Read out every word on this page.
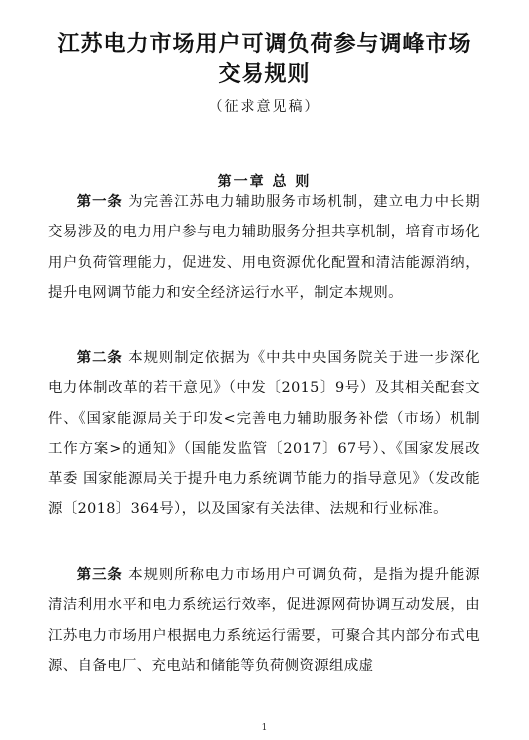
江苏电力市场用户可调负荷参与调峰市场
交易规则
（征求意见稿）
第一章 总 则

第一条 为完善江苏电力辅助服务市场机制，建立电力中长期交易涉及的电力用户参与电力辅助服务分担共享机制，培育市场化用户负荷管理能力，促进发、用电资源优化配置和清洁能源消纳，提升电网调节能力和安全经济运行水平，制定本规则。

第二条 本规则制定依据为《中共中央国务院关于进一步深化电力体制改革的若干意见》（中发〔2015〕9号）及其相关配套文件、《国家能源局关于印发<完善电力辅助服务补偿（市场）机制工作方案>的通知》（国能发监管〔2017〕67号）、《国家发展改革委 国家能源局关于提升电力系统调节能力的指导意见》（发改能源〔2018〕364号），以及国家有关法律、法规和行业标准。

第三条 本规则所称电力市场用户可调负荷，是指为提升能源清洁利用水平和电力系统运行效率，促进源网荷协调互动发展，由江苏电力市场用户根据电力系统运行需要，可聚合其内部分布式电源、自备电厂、充电站和储能等负荷侧资源组成虚

1
